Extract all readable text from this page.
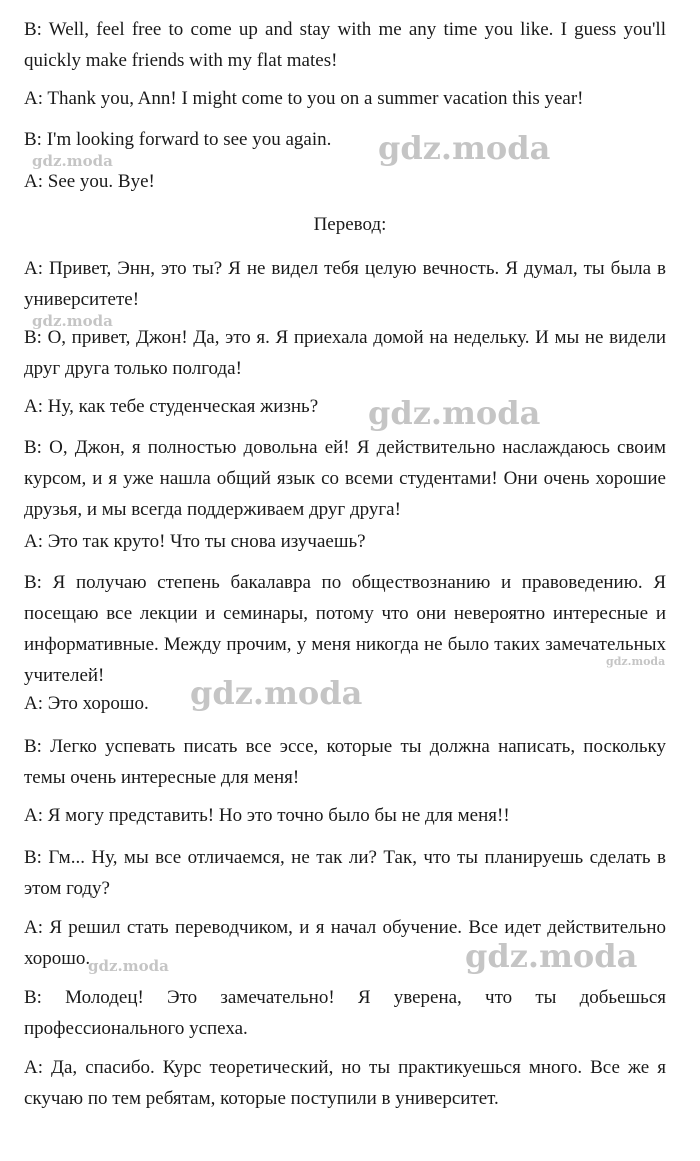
B: Well, feel free to come up and stay with me any time you like. I guess you'll quickly make friends with my flat mates!

A: Thank you, Ann! I might come to you on a summer vacation this year!

B: I'm looking forward to see you again.

A: See you. Bye!

Перевод:

A: Привет, Энн, это ты? Я не видел тебя целую вечность. Я думал, ты была в университете!

B: О, привет, Джон! Да, это я. Я приехала домой на недельку. И мы не видели друг друга только полгода!

A: Ну, как тебе студенческая жизнь?

B: О, Джон, я полностью довольна ей! Я действительно наслаждаюсь своим курсом, и я уже нашла общий язык со всеми студентами! Они очень хорошие друзья, и мы всегда поддерживаем друг друга!

A: Это так круто! Что ты снова изучаешь?

B: Я получаю степень бакалавра по обществознанию и правоведению. Я посещаю все лекции и семинары, потому что они невероятно интересные и информативные. Между прочим, у меня никогда не было таких замечательных учителей!

A: Это хорошо.

B: Легко успевать писать все эссе, которые ты должна написать, поскольку темы очень интересные для меня!

A: Я могу представить! Но это точно было бы не для меня!!

B: Гм... Ну, мы все отличаемся, не так ли? Так, что ты планируешь сделать в этом году?

A: Я решил стать переводчиком, и я начал обучение. Все идет действительно хорошо.

B: Молодец! Это замечательно! Я уверена, что ты добьешься профессионального успеха.

A: Да, спасибо. Курс теоретический, но ты практикуешься много. Все же я скучаю по тем ребятам, которые поступили в университет.

gdz.moda
gdz.moda
gdz.moda
gdz.moda
gdz.moda
gdz.moda
gdz.moda
gdz.moda
